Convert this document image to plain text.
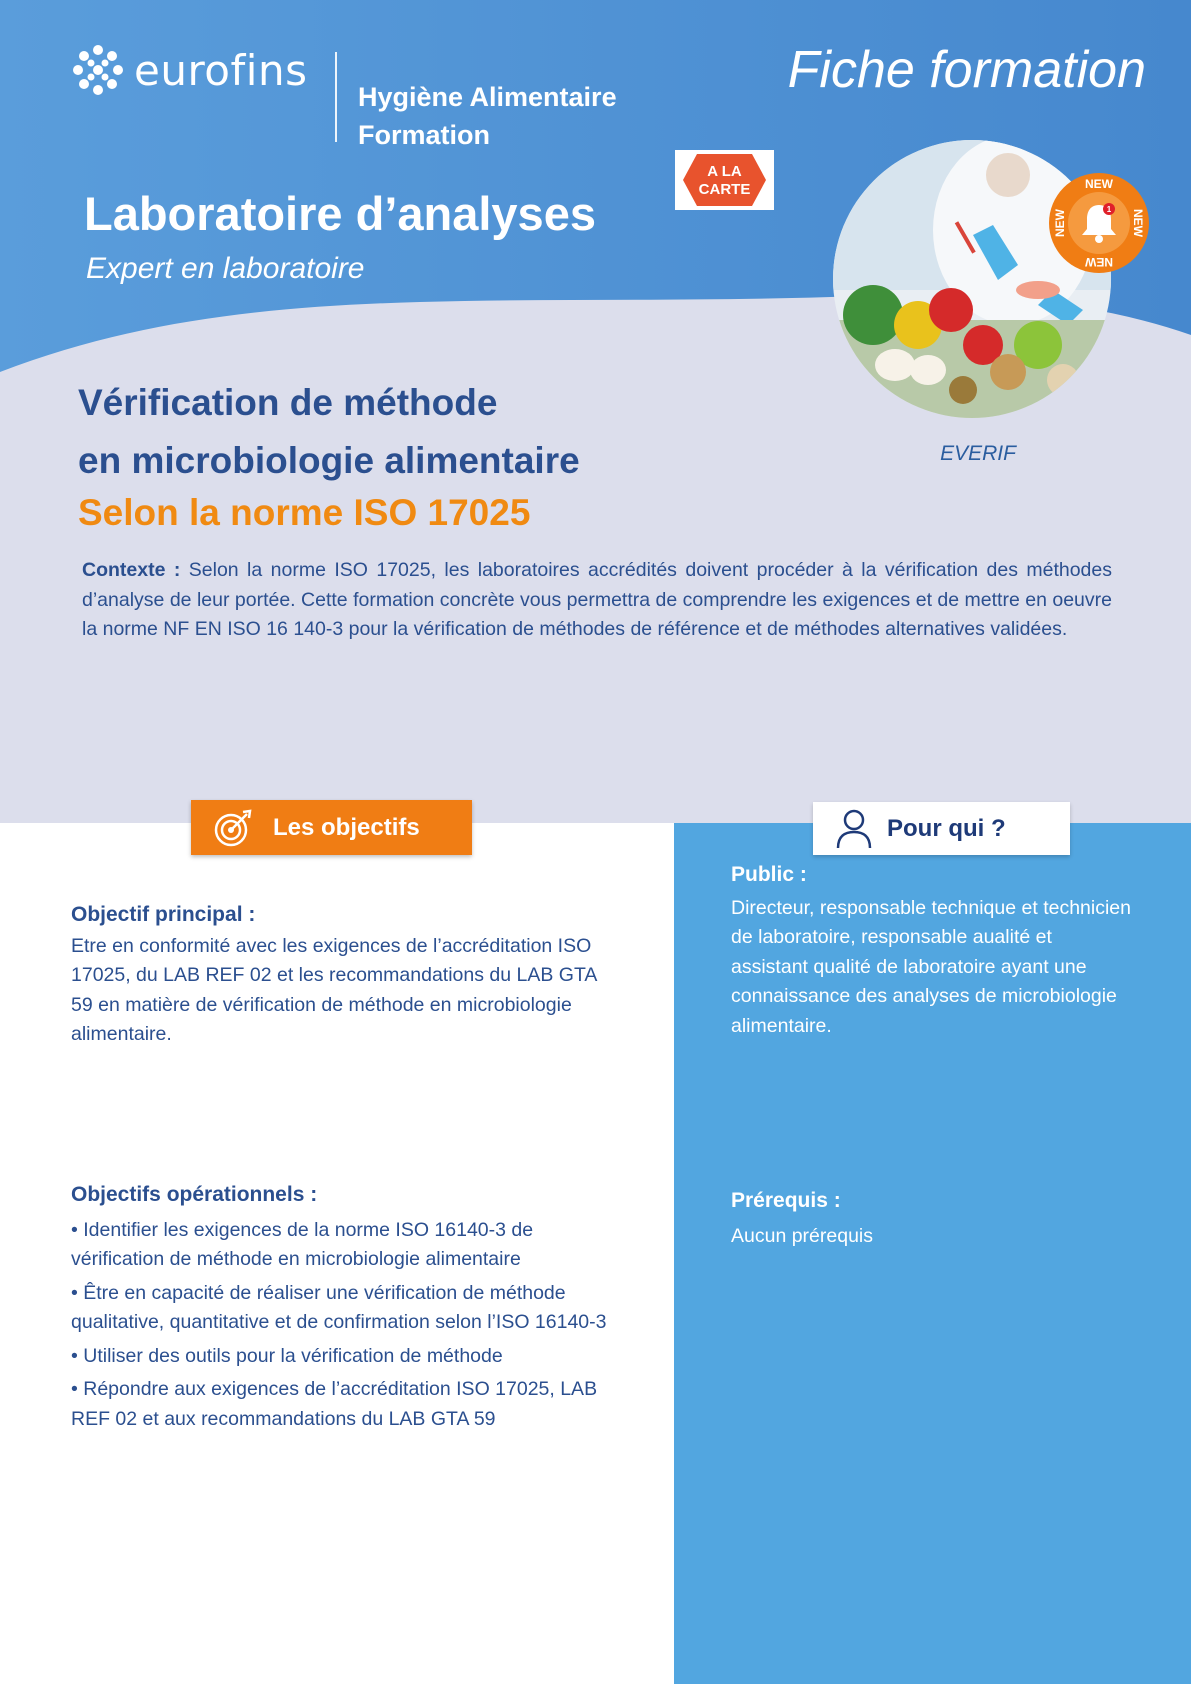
eurofins
Hygiène Alimentaire
Formation
Fiche formation
A LA
CARTE
Laboratoire d’analyses
Expert en laboratoire
1
NEW
NEW
NEW
NEW
EVERIF
Vérification de méthode
en microbiologie alimentaire
Selon la norme ISO 17025
Contexte : Selon la norme ISO 17025, les laboratoires accrédités doivent procéder à la vérification des méthodes d’analyse de leur portée. Cette formation concrète vous permettra de comprendre les exigences et de mettre en oeuvre la norme NF EN ISO 16 140-3 pour la vérification de méthodes de référence et de méthodes alternatives validées.
Les objectifs	Pour qui ?
Objectif principal :
Etre en conformité avec les exigences de l’accréditation ISO 17025, du LAB REF 02 et les recommandations du LAB GTA 59 en matière de vérification de méthode en microbiologie alimentaire.
Objectifs opérationnels :
• Identifier les exigences de la norme ISO 16140-3 de vérification de méthode en microbiologie alimentaire
• Être en capacité de réaliser une vérification de méthode qualitative, quantitative et de confirmation selon l’ISO 16140-3
• Utiliser des outils pour la vérification de méthode
• Répondre aux exigences de l’accréditation ISO 17025, LAB REF 02 et aux recommandations du LAB GTA 59
Public :
Directeur, responsable technique et technicien de laboratoire, responsable aualité et assistant qualité de laboratoire ayant une connaissance des analyses de microbiologie alimentaire.
Prérequis :
Aucun prérequis
